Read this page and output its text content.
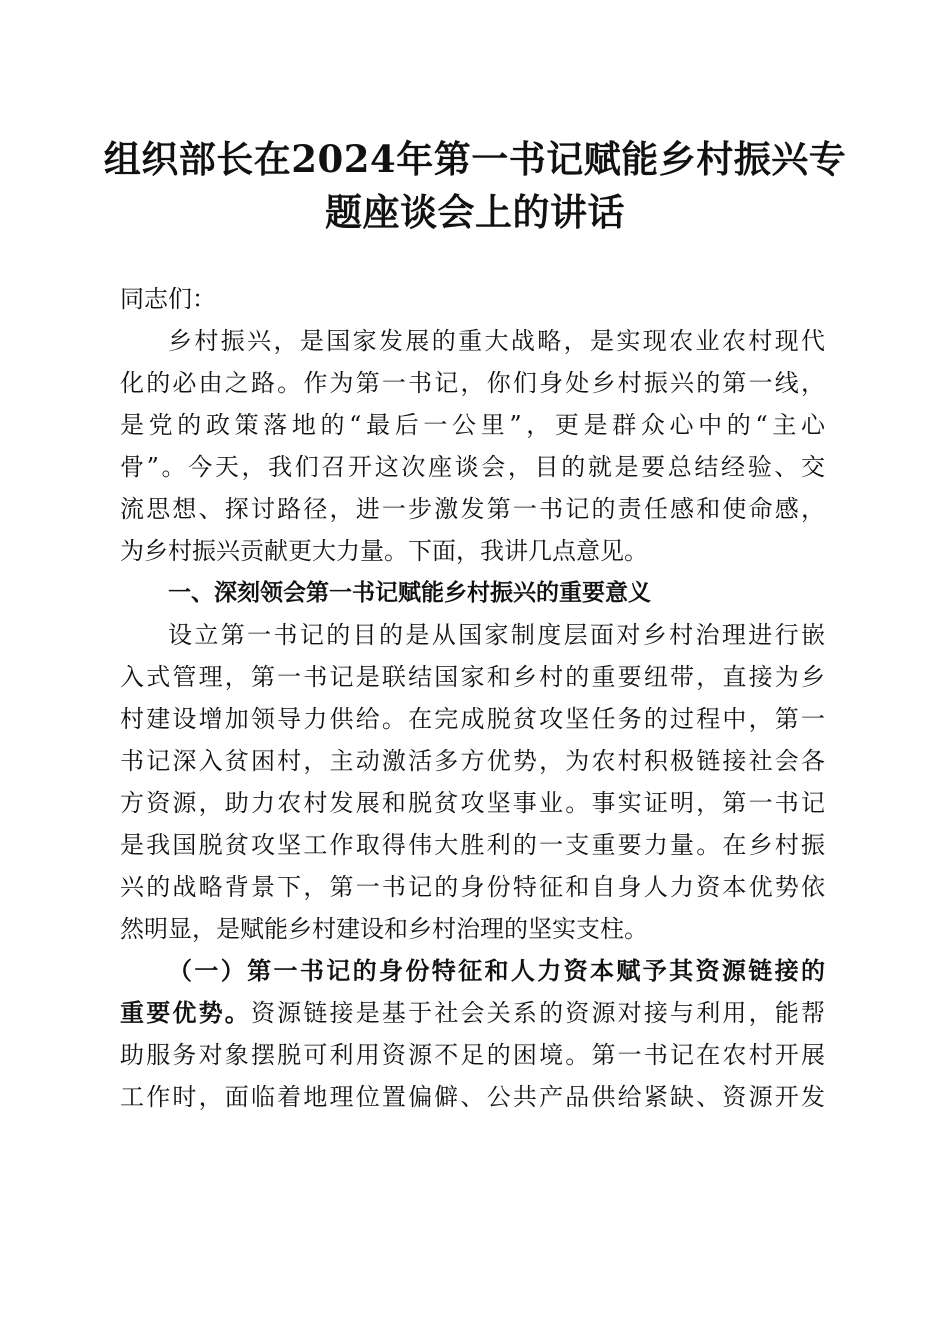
组织部长在2024年第一书记赋能乡村振兴专
题座谈会上的讲话

同志们：

乡村振兴，是国家发展的重大战略，是实现农业农村现代
化的必由之路。作为第一书记，你们身处乡村振兴的第一线，
是党的政策落地的“最后一公里”，更是群众心中的“主心
骨”。今天，我们召开这次座谈会，目的就是要总结经验、交
流思想、探讨路径，进一步激发第一书记的责任感和使命感，
为乡村振兴贡献更大力量。下面，我讲几点意见。

一、深刻领会第一书记赋能乡村振兴的重要意义

设立第一书记的目的是从国家制度层面对乡村治理进行嵌
入式管理，第一书记是联结国家和乡村的重要纽带，直接为乡
村建设增加领导力供给。在完成脱贫攻坚任务的过程中，第一
书记深入贫困村，主动激活多方优势，为农村积极链接社会各
方资源，助力农村发展和脱贫攻坚事业。事实证明，第一书记
是我国脱贫攻坚工作取得伟大胜利的一支重要力量。在乡村振
兴的战略背景下，第一书记的身份特征和自身人力资本优势依
然明显，是赋能乡村建设和乡村治理的坚实支柱。
（一）第一书记的身份特征和人力资本赋予其资源链接的
重要优势。资源链接是基于社会关系的资源对接与利用，能帮
助服务对象摆脱可利用资源不足的困境。第一书记在农村开展
工作时，面临着地理位置偏僻、公共产品供给紧缺、资源开发
